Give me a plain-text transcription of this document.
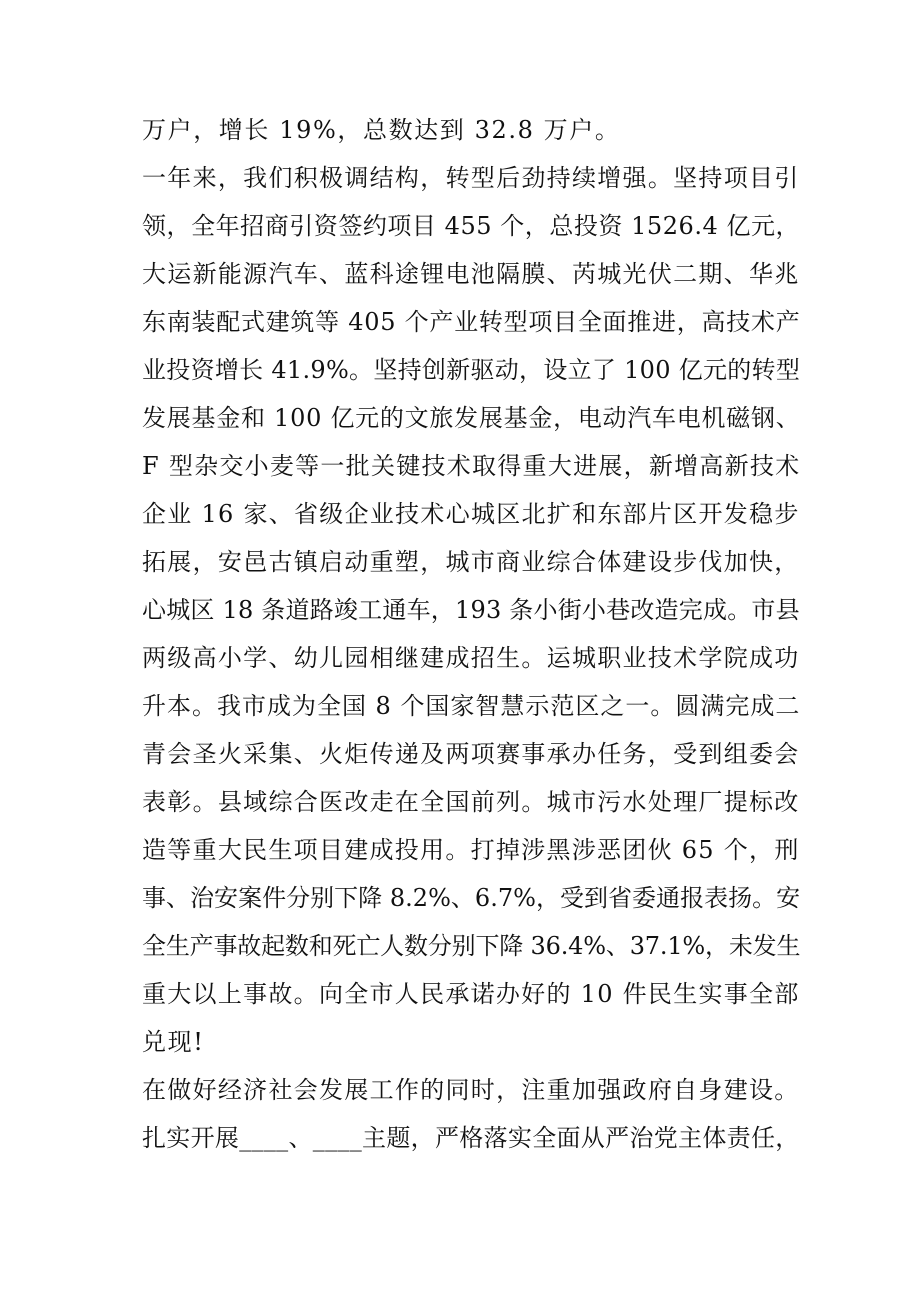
万户，增长 19%，总数达到 32.8 万户。
一年来，我们积极调结构，转型后劲持续增强。坚持项目引
领，全年招商引资签约项目 455 个，总投资 1526.4 亿元，
大运新能源汽车、蓝科途锂电池隔膜、芮城光伏二期、华兆
东南装配式建筑等 405 个产业转型项目全面推进，高技术产
业投资增长 41.9%。坚持创新驱动，设立了 100 亿元的转型
发展基金和 100 亿元的文旅发展基金，电动汽车电机磁钢、
F 型杂交小麦等一批关键技术取得重大进展，新增高新技术
企业 16 家、省级企业技术心城区北扩和东部片区开发稳步
拓展，安邑古镇启动重塑，城市商业综合体建设步伐加快，
心城区 18 条道路竣工通车，193 条小街小巷改造完成。市县
两级高小学、幼儿园相继建成招生。运城职业技术学院成功
升本。我市成为全国 8 个国家智慧示范区之一。圆满完成二
青会圣火采集、火炬传递及两项赛事承办任务，受到组委会
表彰。县域综合医改走在全国前列。城市污水处理厂提标改
造等重大民生项目建成投用。打掉涉黑涉恶团伙 65 个，刑
事、治安案件分别下降 8.2%、6.7%，受到省委通报表扬。安
全生产事故起数和死亡人数分别下降 36.4%、37.1%，未发生
重大以上事故。向全市人民承诺办好的 10 件民生实事全部
兑现!
在做好经济社会发展工作的同时，注重加强政府自身建设。
扎实开展____、____主题，严格落实全面从严治党主体责任，
